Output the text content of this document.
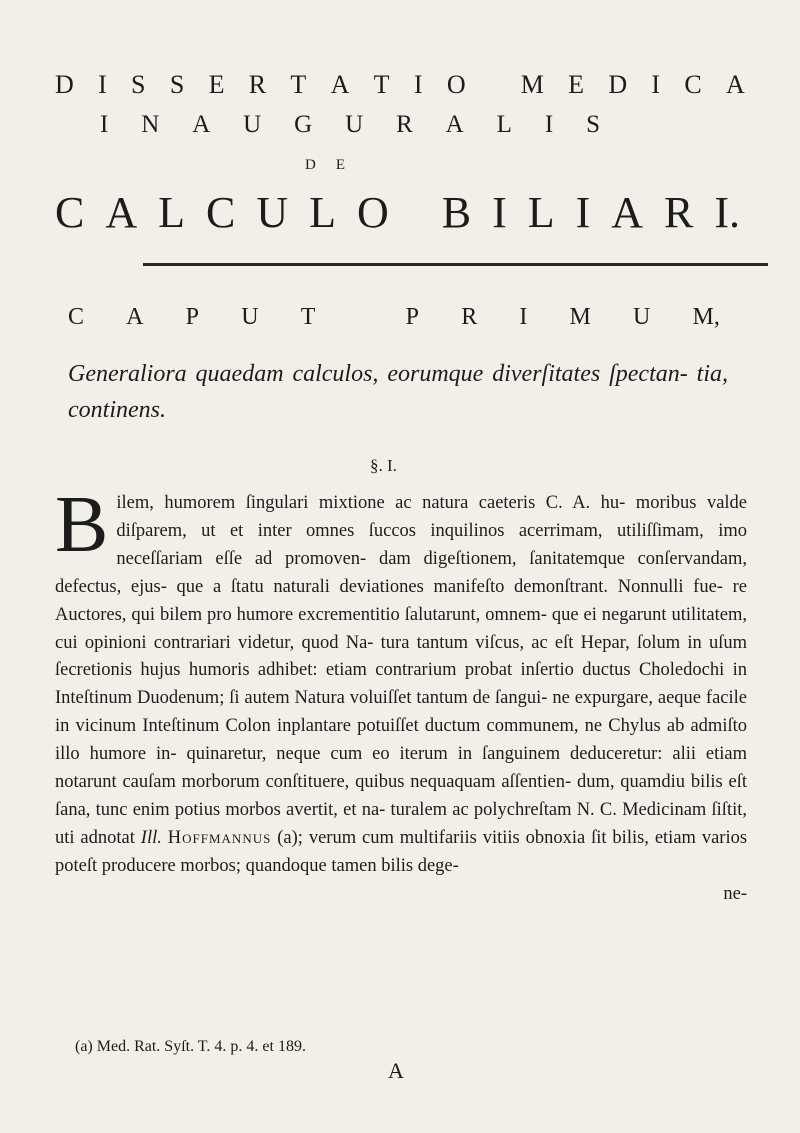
D I S S E R T A T I O
M E D I C A
I N A U G U R A L I S
D E
C A L C U L O
B I L I A R I.
C A P U T
	P R I M U M,
Generaliora quaedam calculos, eorumque diverſitates ſpectan- tia, continens.
§. I.
Bilem, humorem ſingulari mixtione ac natura caeteris C. A. hu- moribus valde diſparem, ut et inter omnes ſuccos inquilinos acerrimam, utiliſſimam, imo neceſſariam eſſe ad promoven- dam digeſtionem, ſanitatemque conſervandam, defectus, ejus- que a ſtatu naturali deviationes manifeſto demonſtrant. Nonnulli fue- re Auctores, qui bilem pro humore excrementitio ſalutarunt, omnem- que ei negarunt utilitatem, cui opinioni contrariari videtur, quod Na- tura tantum viſcus, ac eſt Hepar, ſolum in uſum ſecretionis hujus humoris adhibet: etiam contrarium probat inſertio ductus Choledochi in Inteſtinum Duodenum; ſi autem Natura voluiſſet tantum de ſangui- ne expurgare, aeque facile in vicinum Inteſtinum Colon inplantare potuiſſet ductum communem, ne Chylus ab admiſto illo humore in- quinaretur, neque cum eo iterum in ſanguinem deduceretur: alii etiam notarunt cauſam morborum conſtituere, quibus nequaquam aſſentien- dum, quamdiu bilis eſt ſana, tunc enim potius morbos avertit, et na- turalem ac polychreſtam N. C. Medicinam ſiſtit, uti adnotat Ill. Hoffmannus (a); verum cum multifariis vitiis obnoxia ſit bilis, etiam varios poteſt producere morbos; quandoque tamen bilis dege-
ne-
(a) Med. Rat. Syſt. T. 4. p. 4. et 189.
A
